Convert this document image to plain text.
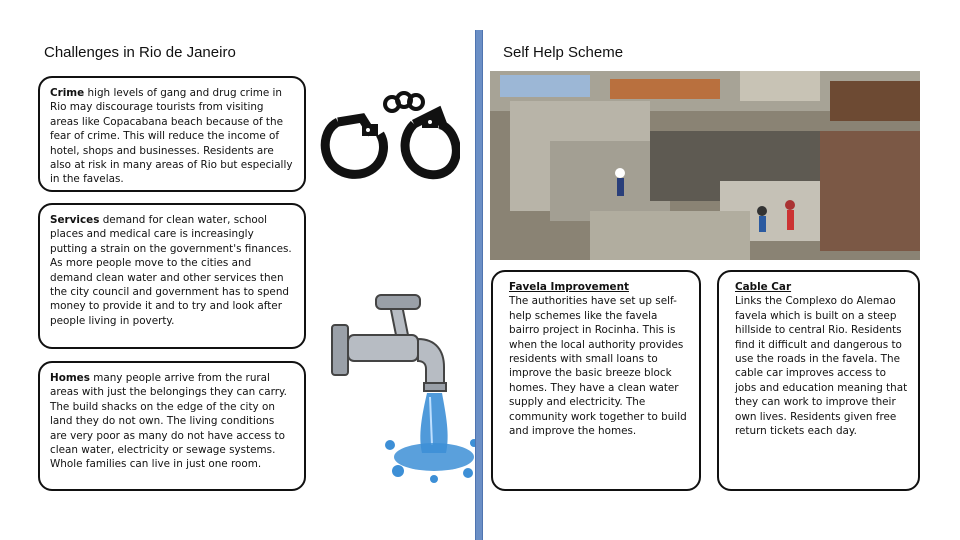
Challenges in Rio de Janeiro
Crime high levels of gang and drug crime in Rio may discourage tourists from visiting areas like Copacabana beach because of the fear of crime. This will reduce the income of hotel, shops and businesses. Residents are also at risk in many areas of Rio but especially in the favelas.
Services demand for clean water, school places and medical care is increasingly putting a strain on the government's finances. As more people move to the cities and demand clean water and other services then the city council and government has to spend money to provide it and to try and look after people living in poverty.
Homes many people arrive from the rural areas with just the belongings they can carry. The build shacks on the edge of the city on land they do not own. The living conditions are very poor as many do not have access to clean water, electricity or sewage systems. Whole families can live in just one room.
Self Help Scheme
Favela Improvement
The authorities have set up self-help schemes like the favela bairro project in Rocinha. This is when the local authority provides residents with small loans to improve the basic breeze block homes. They have a clean water supply and electricity. The community work together to build and improve the homes.
Cable Car
Links the Complexo do Alemao favela which is built on a steep hillside to central Rio. Residents find it difficult and dangerous to use the roads in the favela. The cable car improves access to jobs and education meaning that they can work to improve their own lives. Residents given free return tickets each day.
